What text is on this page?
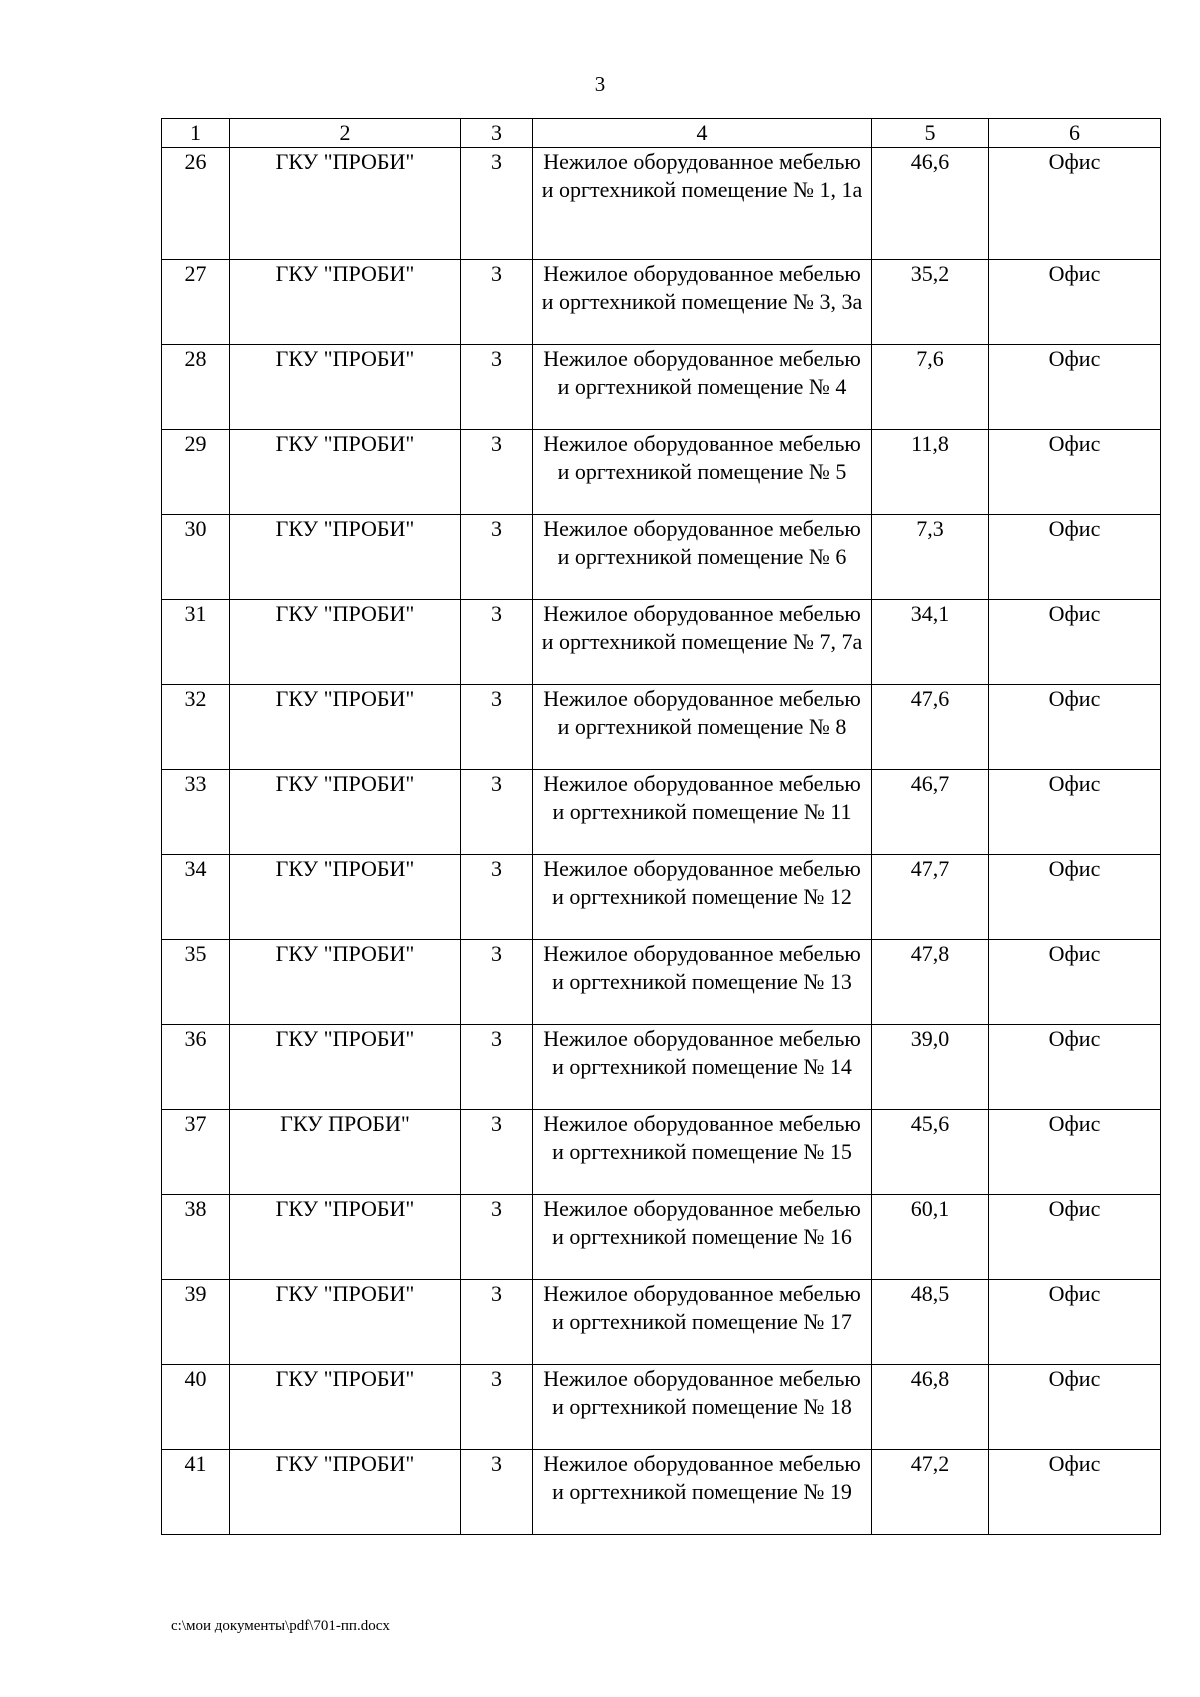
3
1	2	3	4	5	6
26	ГКУ "ПРОБИ"	3	Нежилое оборудованное мебелью и оргтехникой помещение № 1, 1а	46,6	Офис
27	ГКУ "ПРОБИ"	3	Нежилое оборудованное мебелью и оргтехникой помещение № 3, 3а	35,2	Офис
28	ГКУ "ПРОБИ"	3	Нежилое оборудованное мебелью и оргтехникой помещение № 4	7,6	Офис
29	ГКУ "ПРОБИ"	3	Нежилое оборудованное мебелью и оргтехникой помещение № 5	11,8	Офис
30	ГКУ "ПРОБИ"	3	Нежилое оборудованное мебелью и оргтехникой помещение № 6	7,3	Офис
31	ГКУ "ПРОБИ"	3	Нежилое оборудованное мебелью и оргтехникой помещение № 7, 7а	34,1	Офис
32	ГКУ "ПРОБИ"	3	Нежилое оборудованное мебелью и оргтехникой помещение № 8	47,6	Офис
33	ГКУ "ПРОБИ"	3	Нежилое оборудованное мебелью и оргтехникой помещение № 11	46,7	Офис
34	ГКУ "ПРОБИ"	3	Нежилое оборудованное мебелью и оргтехникой помещение № 12	47,7	Офис
35	ГКУ "ПРОБИ"	3	Нежилое оборудованное мебелью и оргтехникой помещение № 13	47,8	Офис
36	ГКУ "ПРОБИ"	3	Нежилое оборудованное мебелью и оргтехникой помещение № 14	39,0	Офис
37	ГКУ ПРОБИ"	3	Нежилое оборудованное мебелью и оргтехникой помещение № 15	45,6	Офис
38	ГКУ "ПРОБИ"	3	Нежилое оборудованное мебелью и оргтехникой помещение № 16	60,1	Офис
39	ГКУ "ПРОБИ"	3	Нежилое оборудованное мебелью и оргтехникой помещение № 17	48,5	Офис
40	ГКУ "ПРОБИ"	3	Нежилое оборудованное мебелью и оргтехникой помещение № 18	46,8	Офис
41	ГКУ "ПРОБИ"	3	Нежилое оборудованное мебелью и оргтехникой помещение № 19	47,2	Офис
c:\мои документы\pdf\701-пп.docx
